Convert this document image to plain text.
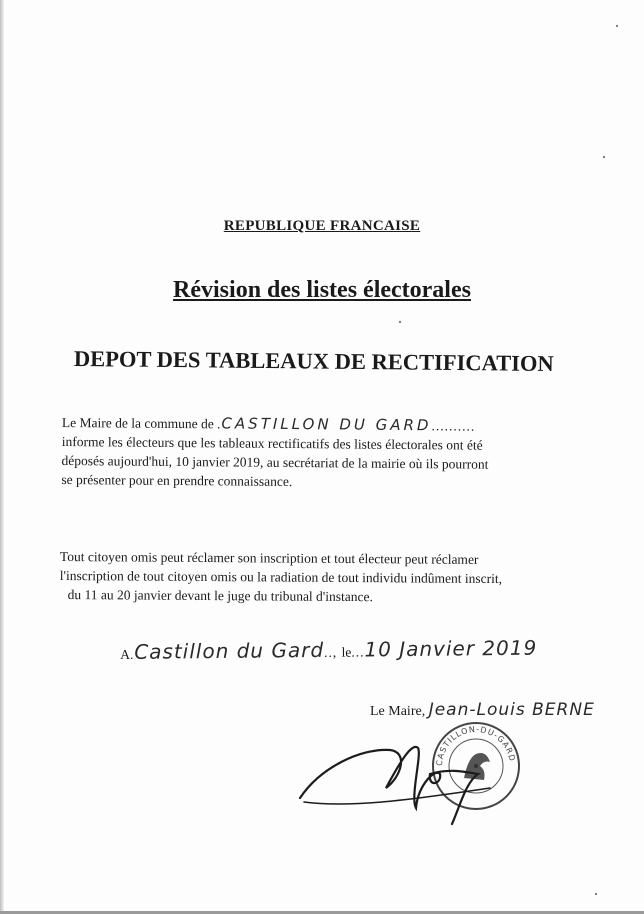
REPUBLIQUE FRANCAISE
Révision des listes électorales
DEPOT DES TABLEAUX DE RECTIFICATION
Le Maire de la commune de .CASTILLON DU GARD..........
informe les électeurs que les tableaux rectificatifs des listes électorales ont été
déposés aujourd'hui, 10 janvier 2019, au secrétariat de la mairie où ils pourront
se présenter pour en prendre connaissance.
Tout citoyen omis peut réclamer son inscription et tout électeur peut réclamer
l'inscription de tout citoyen omis ou la radiation de tout individu indûment inscrit,
du 11 au 20 janvier devant le juge du tribunal d'instance.
A.Castillon du Gard.., le...10 Janvier 2019
Le Maire, Jean-Louis BERNE
CASTILLON-DU-GARD
